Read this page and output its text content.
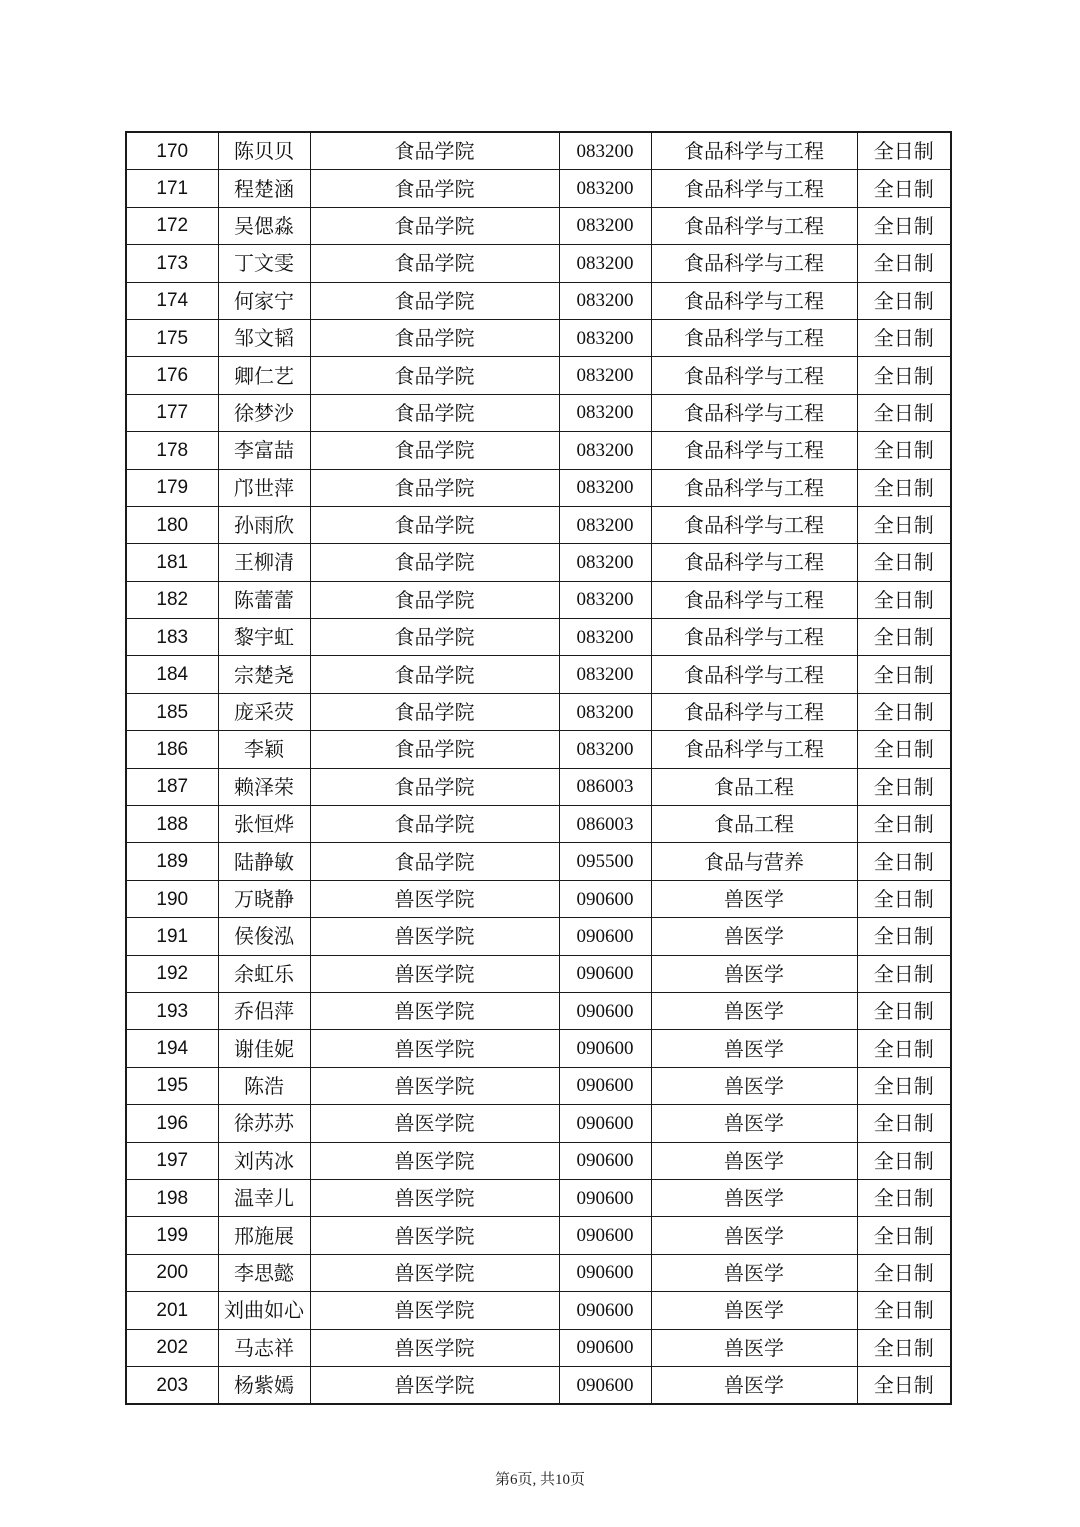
170	陈贝贝	食品学院	083200	食品科学与工程	全日制
171	程楚涵	食品学院	083200	食品科学与工程	全日制
172	吴偲淼	食品学院	083200	食品科学与工程	全日制
173	丁文雯	食品学院	083200	食品科学与工程	全日制
174	何家宁	食品学院	083200	食品科学与工程	全日制
175	邹文韬	食品学院	083200	食品科学与工程	全日制
176	卿仁艺	食品学院	083200	食品科学与工程	全日制
177	徐梦沙	食品学院	083200	食品科学与工程	全日制
178	李富喆	食品学院	083200	食品科学与工程	全日制
179	邝世萍	食品学院	083200	食品科学与工程	全日制
180	孙雨欣	食品学院	083200	食品科学与工程	全日制
181	王柳清	食品学院	083200	食品科学与工程	全日制
182	陈蕾蕾	食品学院	083200	食品科学与工程	全日制
183	黎宇虹	食品学院	083200	食品科学与工程	全日制
184	宗楚尧	食品学院	083200	食品科学与工程	全日制
185	庞采荧	食品学院	083200	食品科学与工程	全日制
186	李颖	食品学院	083200	食品科学与工程	全日制
187	赖泽荣	食品学院	086003	食品工程	全日制
188	张恒烨	食品学院	086003	食品工程	全日制
189	陆静敏	食品学院	095500	食品与营养	全日制
190	万晓静	兽医学院	090600	兽医学	全日制
191	侯俊泓	兽医学院	090600	兽医学	全日制
192	余虹乐	兽医学院	090600	兽医学	全日制
193	乔侣萍	兽医学院	090600	兽医学	全日制
194	谢佳妮	兽医学院	090600	兽医学	全日制
195	陈浩	兽医学院	090600	兽医学	全日制
196	徐苏苏	兽医学院	090600	兽医学	全日制
197	刘芮冰	兽医学院	090600	兽医学	全日制
198	温幸儿	兽医学院	090600	兽医学	全日制
199	邢施展	兽医学院	090600	兽医学	全日制
200	李思懿	兽医学院	090600	兽医学	全日制
201	刘曲如心	兽医学院	090600	兽医学	全日制
202	马志祥	兽医学院	090600	兽医学	全日制
203	杨紫嫣	兽医学院	090600	兽医学	全日制
第6页, 共10页
